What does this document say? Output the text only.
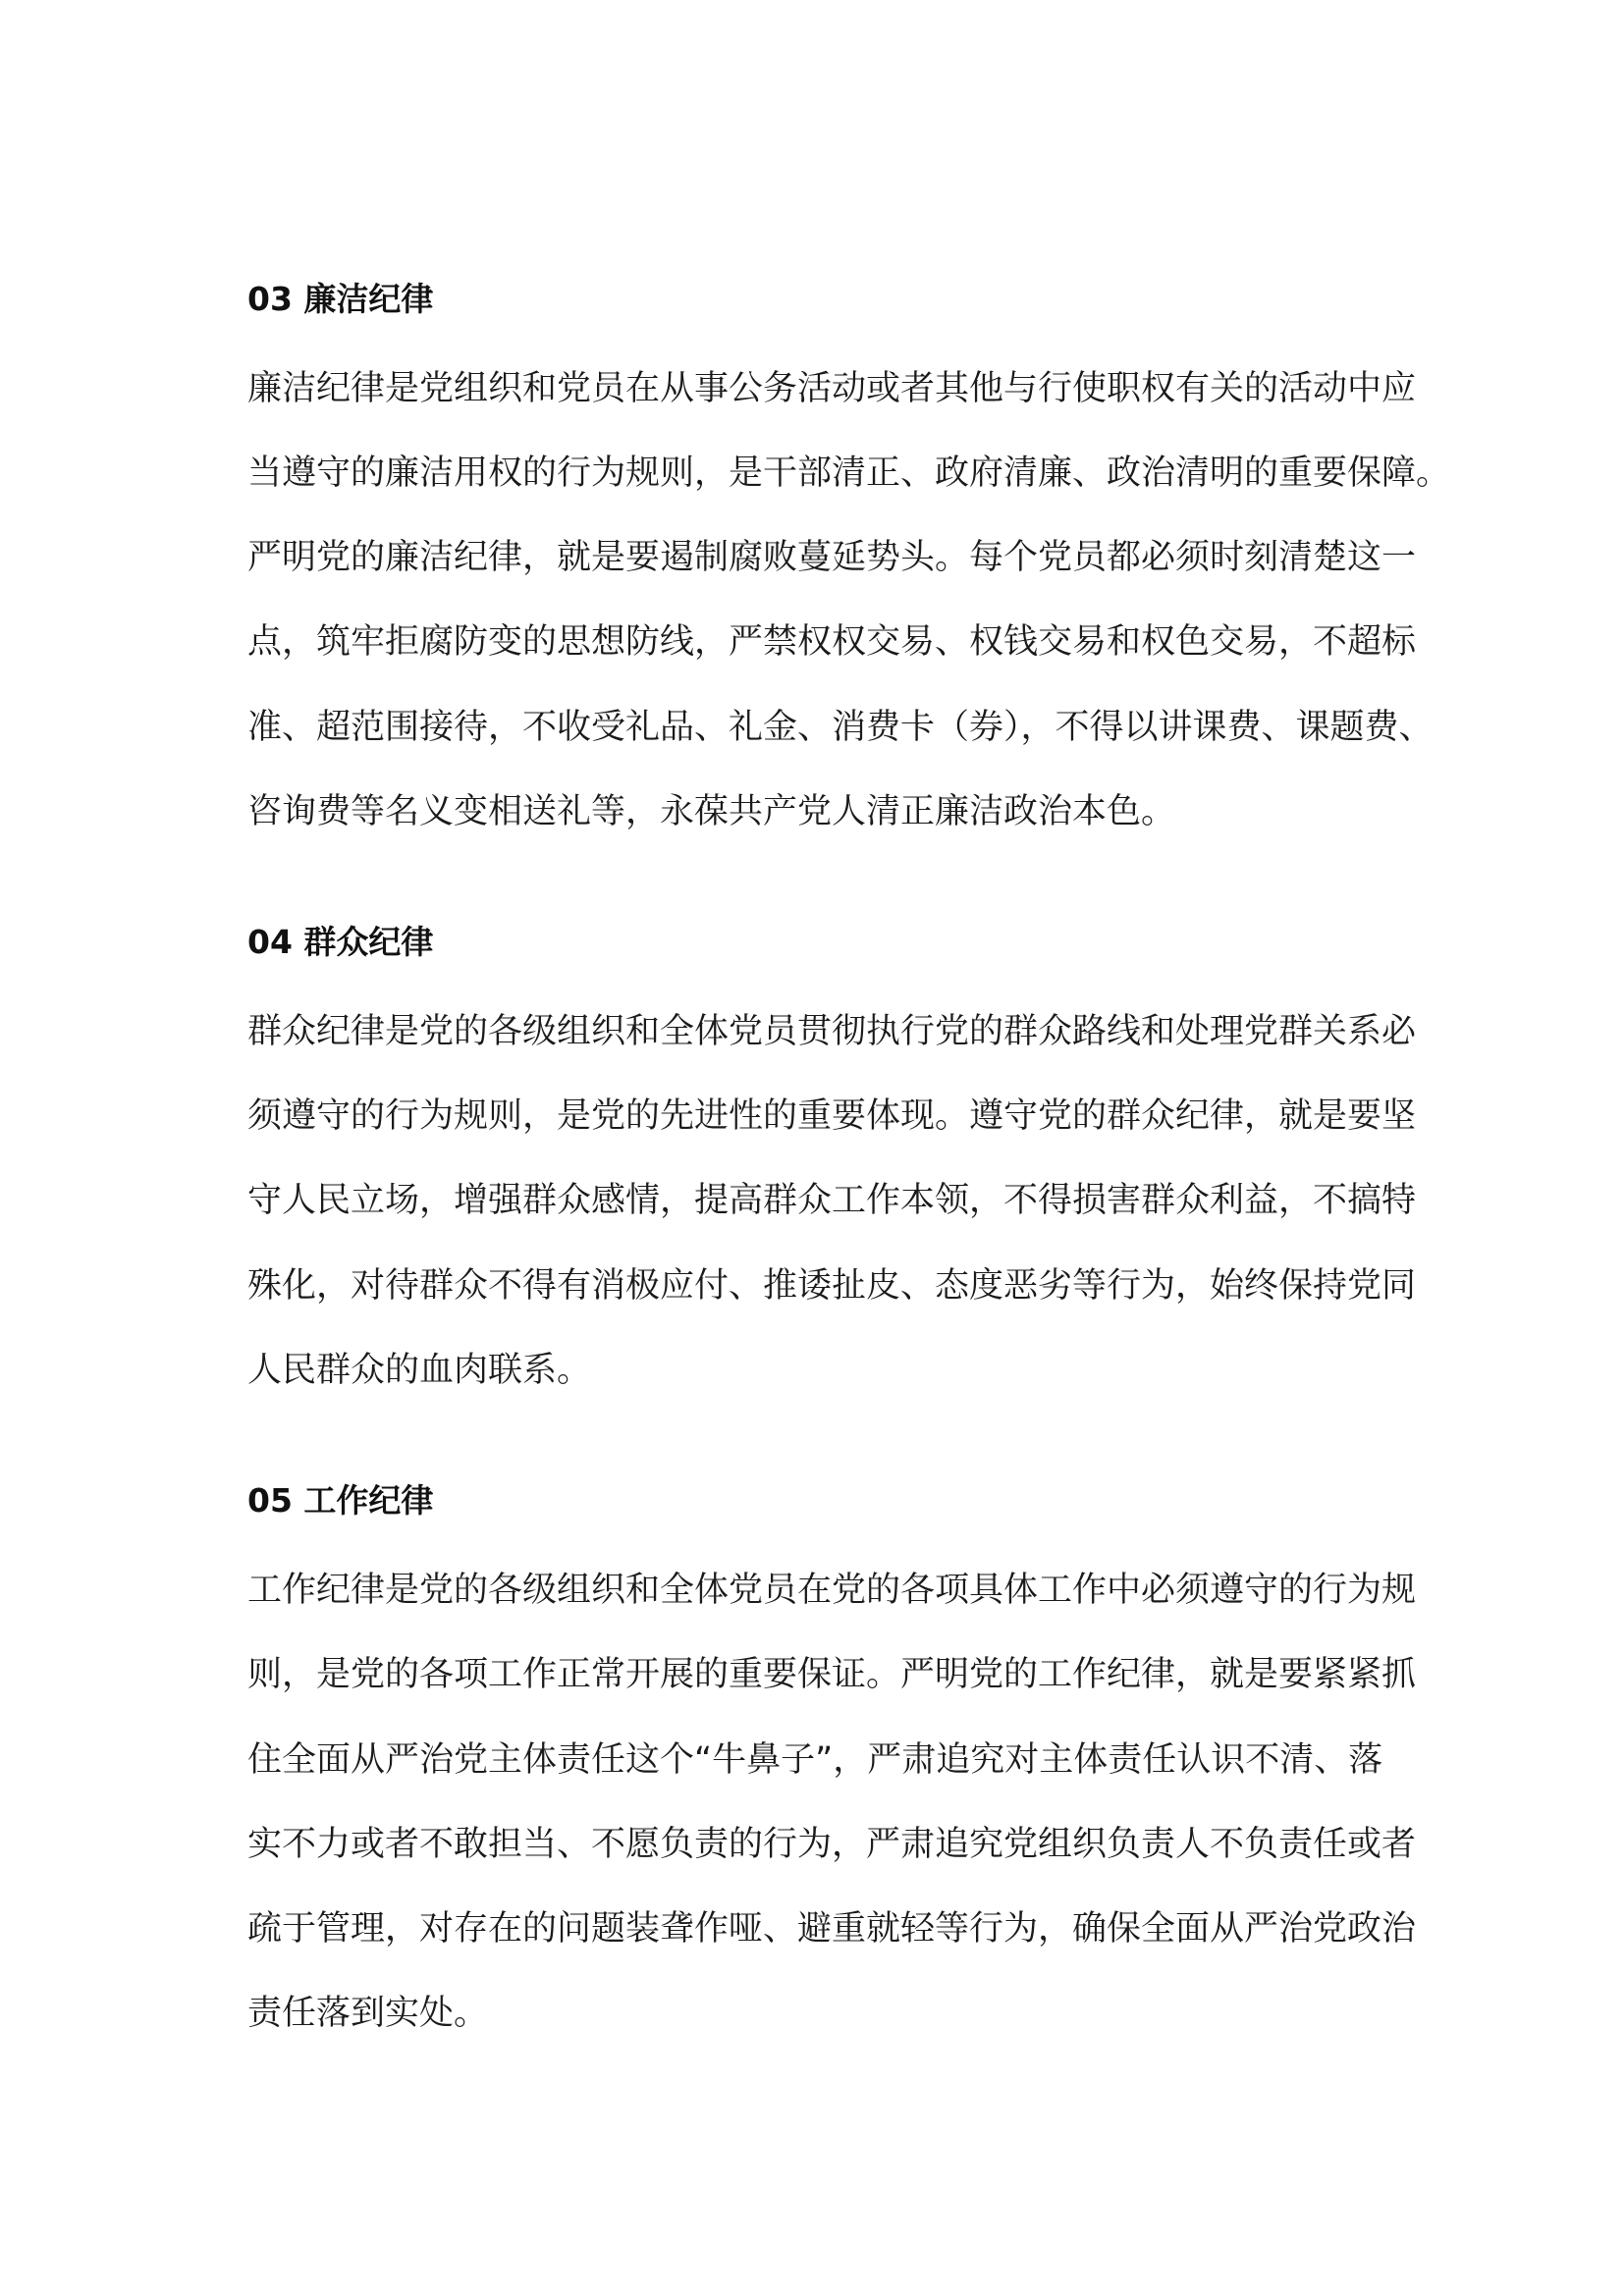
03 廉洁纪律
廉洁纪律是党组织和党员在从事公务活动或者其他与行使职权有关的活动中应
当遵守的廉洁用权的行为规则，是干部清正、政府清廉、政治清明的重要保障。
严明党的廉洁纪律，就是要遏制腐败蔓延势头。每个党员都必须时刻清楚这一
点，筑牢拒腐防变的思想防线，严禁权权交易、权钱交易和权色交易，不超标
准、超范围接待，不收受礼品、礼金、消费卡（券），不得以讲课费、课题费、
咨询费等名义变相送礼等，永葆共产党人清正廉洁政治本色。
04 群众纪律
群众纪律是党的各级组织和全体党员贯彻执行党的群众路线和处理党群关系必
须遵守的行为规则，是党的先进性的重要体现。遵守党的群众纪律，就是要坚
守人民立场，增强群众感情，提高群众工作本领，不得损害群众利益，不搞特
殊化，对待群众不得有消极应付、推诿扯皮、态度恶劣等行为，始终保持党同
人民群众的血肉联系。
05 工作纪律
工作纪律是党的各级组织和全体党员在党的各项具体工作中必须遵守的行为规
则，是党的各项工作正常开展的重要保证。严明党的工作纪律，就是要紧紧抓
住全面从严治党主体责任这个“牛鼻子”，严肃追究对主体责任认识不清、落
实不力或者不敢担当、不愿负责的行为，严肃追究党组织负责人不负责任或者
疏于管理，对存在的问题装聋作哑、避重就轻等行为，确保全面从严治党政治
责任落到实处。
